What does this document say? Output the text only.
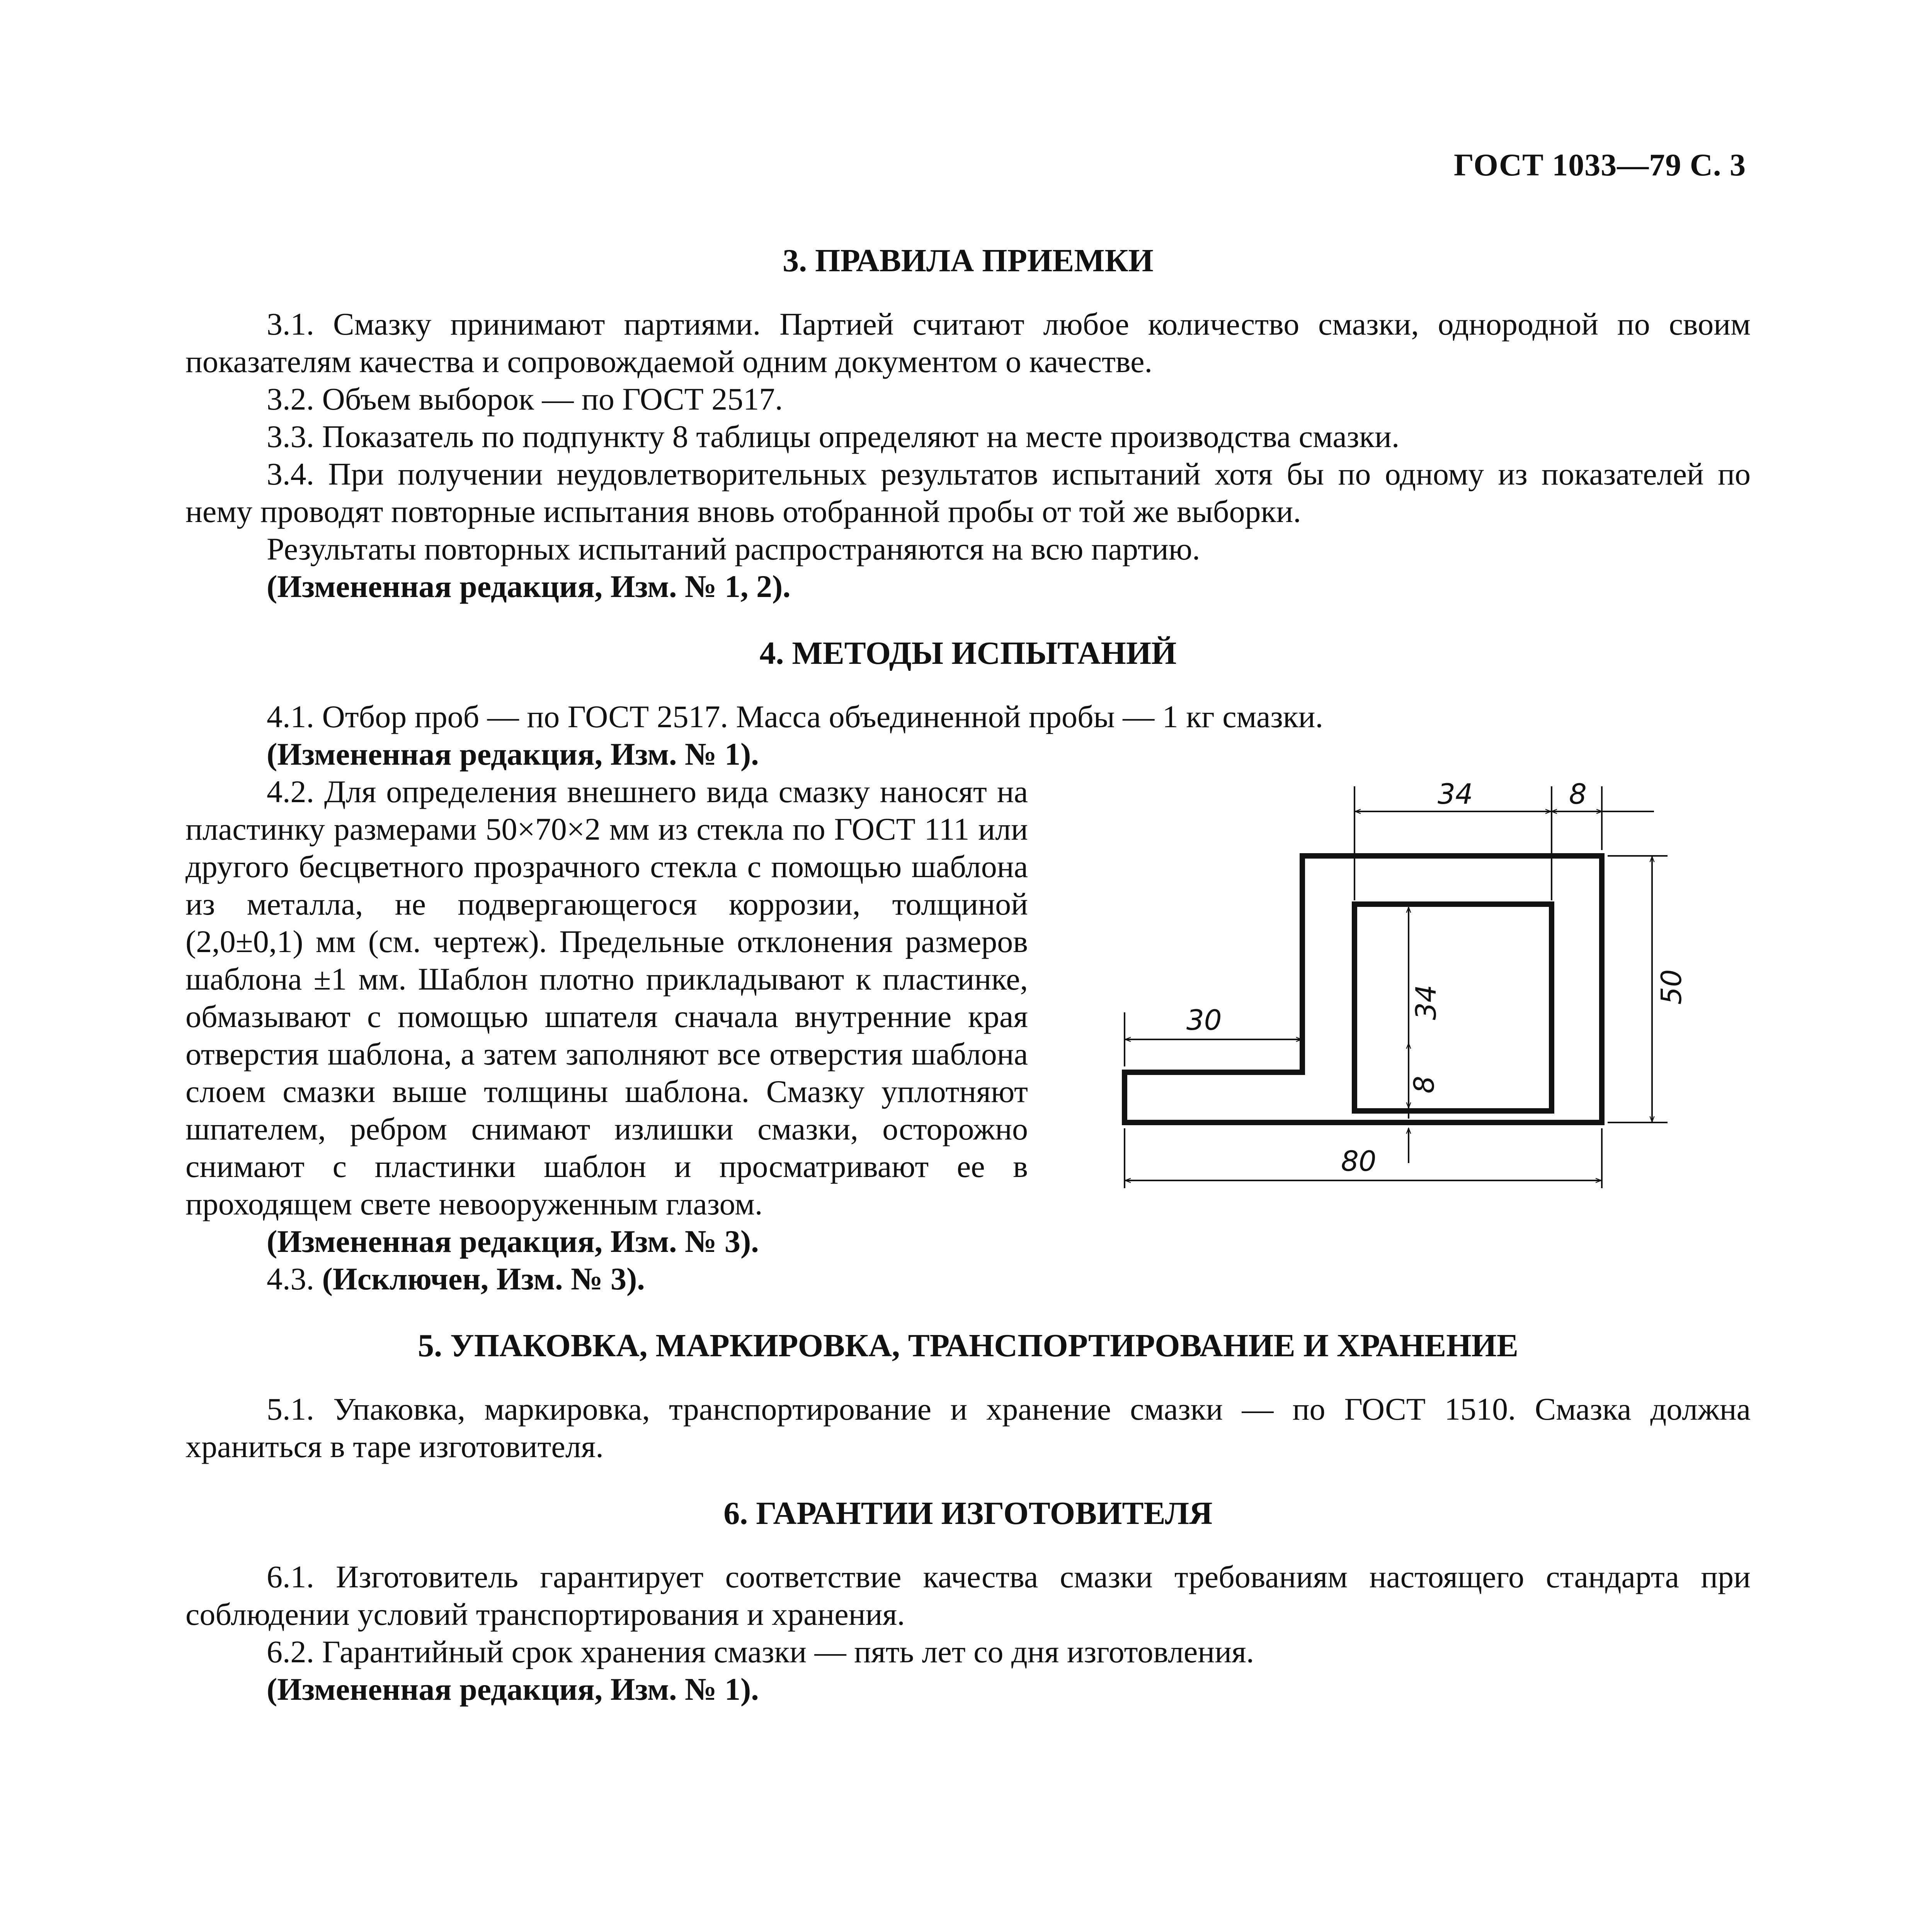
ГОСТ 1033—79 С. 3
3. ПРАВИЛА ПРИЕМКИ

3.1. Смазку принимают партиями. Партией считают любое количество смазки, однородной по своим показателям качества и сопровождаемой одним документом о качестве.

3.2. Объем выборок — по ГОСТ 2517.

3.3. Показатель по подпункту 8 таблицы определяют на месте производства смазки.

3.4. При получении неудовлетворительных результатов испытаний хотя бы по одному из показателей по нему проводят повторные испытания вновь отобранной пробы от той же выборки.

Результаты повторных испытаний распространяются на всю партию.

(Измененная редакция, Изм. № 1, 2).

4. МЕТОДЫ ИСПЫТАНИЙ

4.1. Отбор проб — по ГОСТ 2517. Масса объединенной пробы — 1 кг смазки.

(Измененная редакция, Изм. № 1).

4.2. Для определения внешнего вида смазку наносят на пластинку размерами 50×70×2 мм из стекла по ГОСТ 111 или другого бесцветного прозрачного стекла с помощью шаблона из металла, не подвергающегося коррозии, толщиной (2,0±0,1) мм (см. чертеж). Предельные отклонения размеров шаблона ±1 мм. Шаблон плотно прикладывают к пластинке, обмазывают с помощью шпателя сначала внутренние края отверстия шаблона, а затем заполняют все отверстия шаблона слоем смазки выше толщины шаблона. Смазку уплотняют шпателем, ребром снимают излишки смазки, осторожно снимают с пластинки шаблон и просматривают ее в проходящем свете невооруженным глазом.

(Измененная редакция, Изм. № 3).

4.3. (Исключен, Изм. № 3).

34	8
34	50
30
8
80
5. УПАКОВКА, МАРКИРОВКА, ТРАНСПОРТИРОВАНИЕ И ХРАНЕНИЕ

5.1. Упаковка, маркировка, транспортирование и хранение смазки — по ГОСТ 1510. Смазка должна храниться в таре изготовителя.

6. ГАРАНТИИ ИЗГОТОВИТЕЛЯ

6.1. Изготовитель гарантирует соответствие качества смазки требованиям настоящего стандарта при соблюдении условий транспортирования и хранения.

6.2. Гарантийный срок хранения смазки — пять лет со дня изготовления.

(Измененная редакция, Изм. № 1).
